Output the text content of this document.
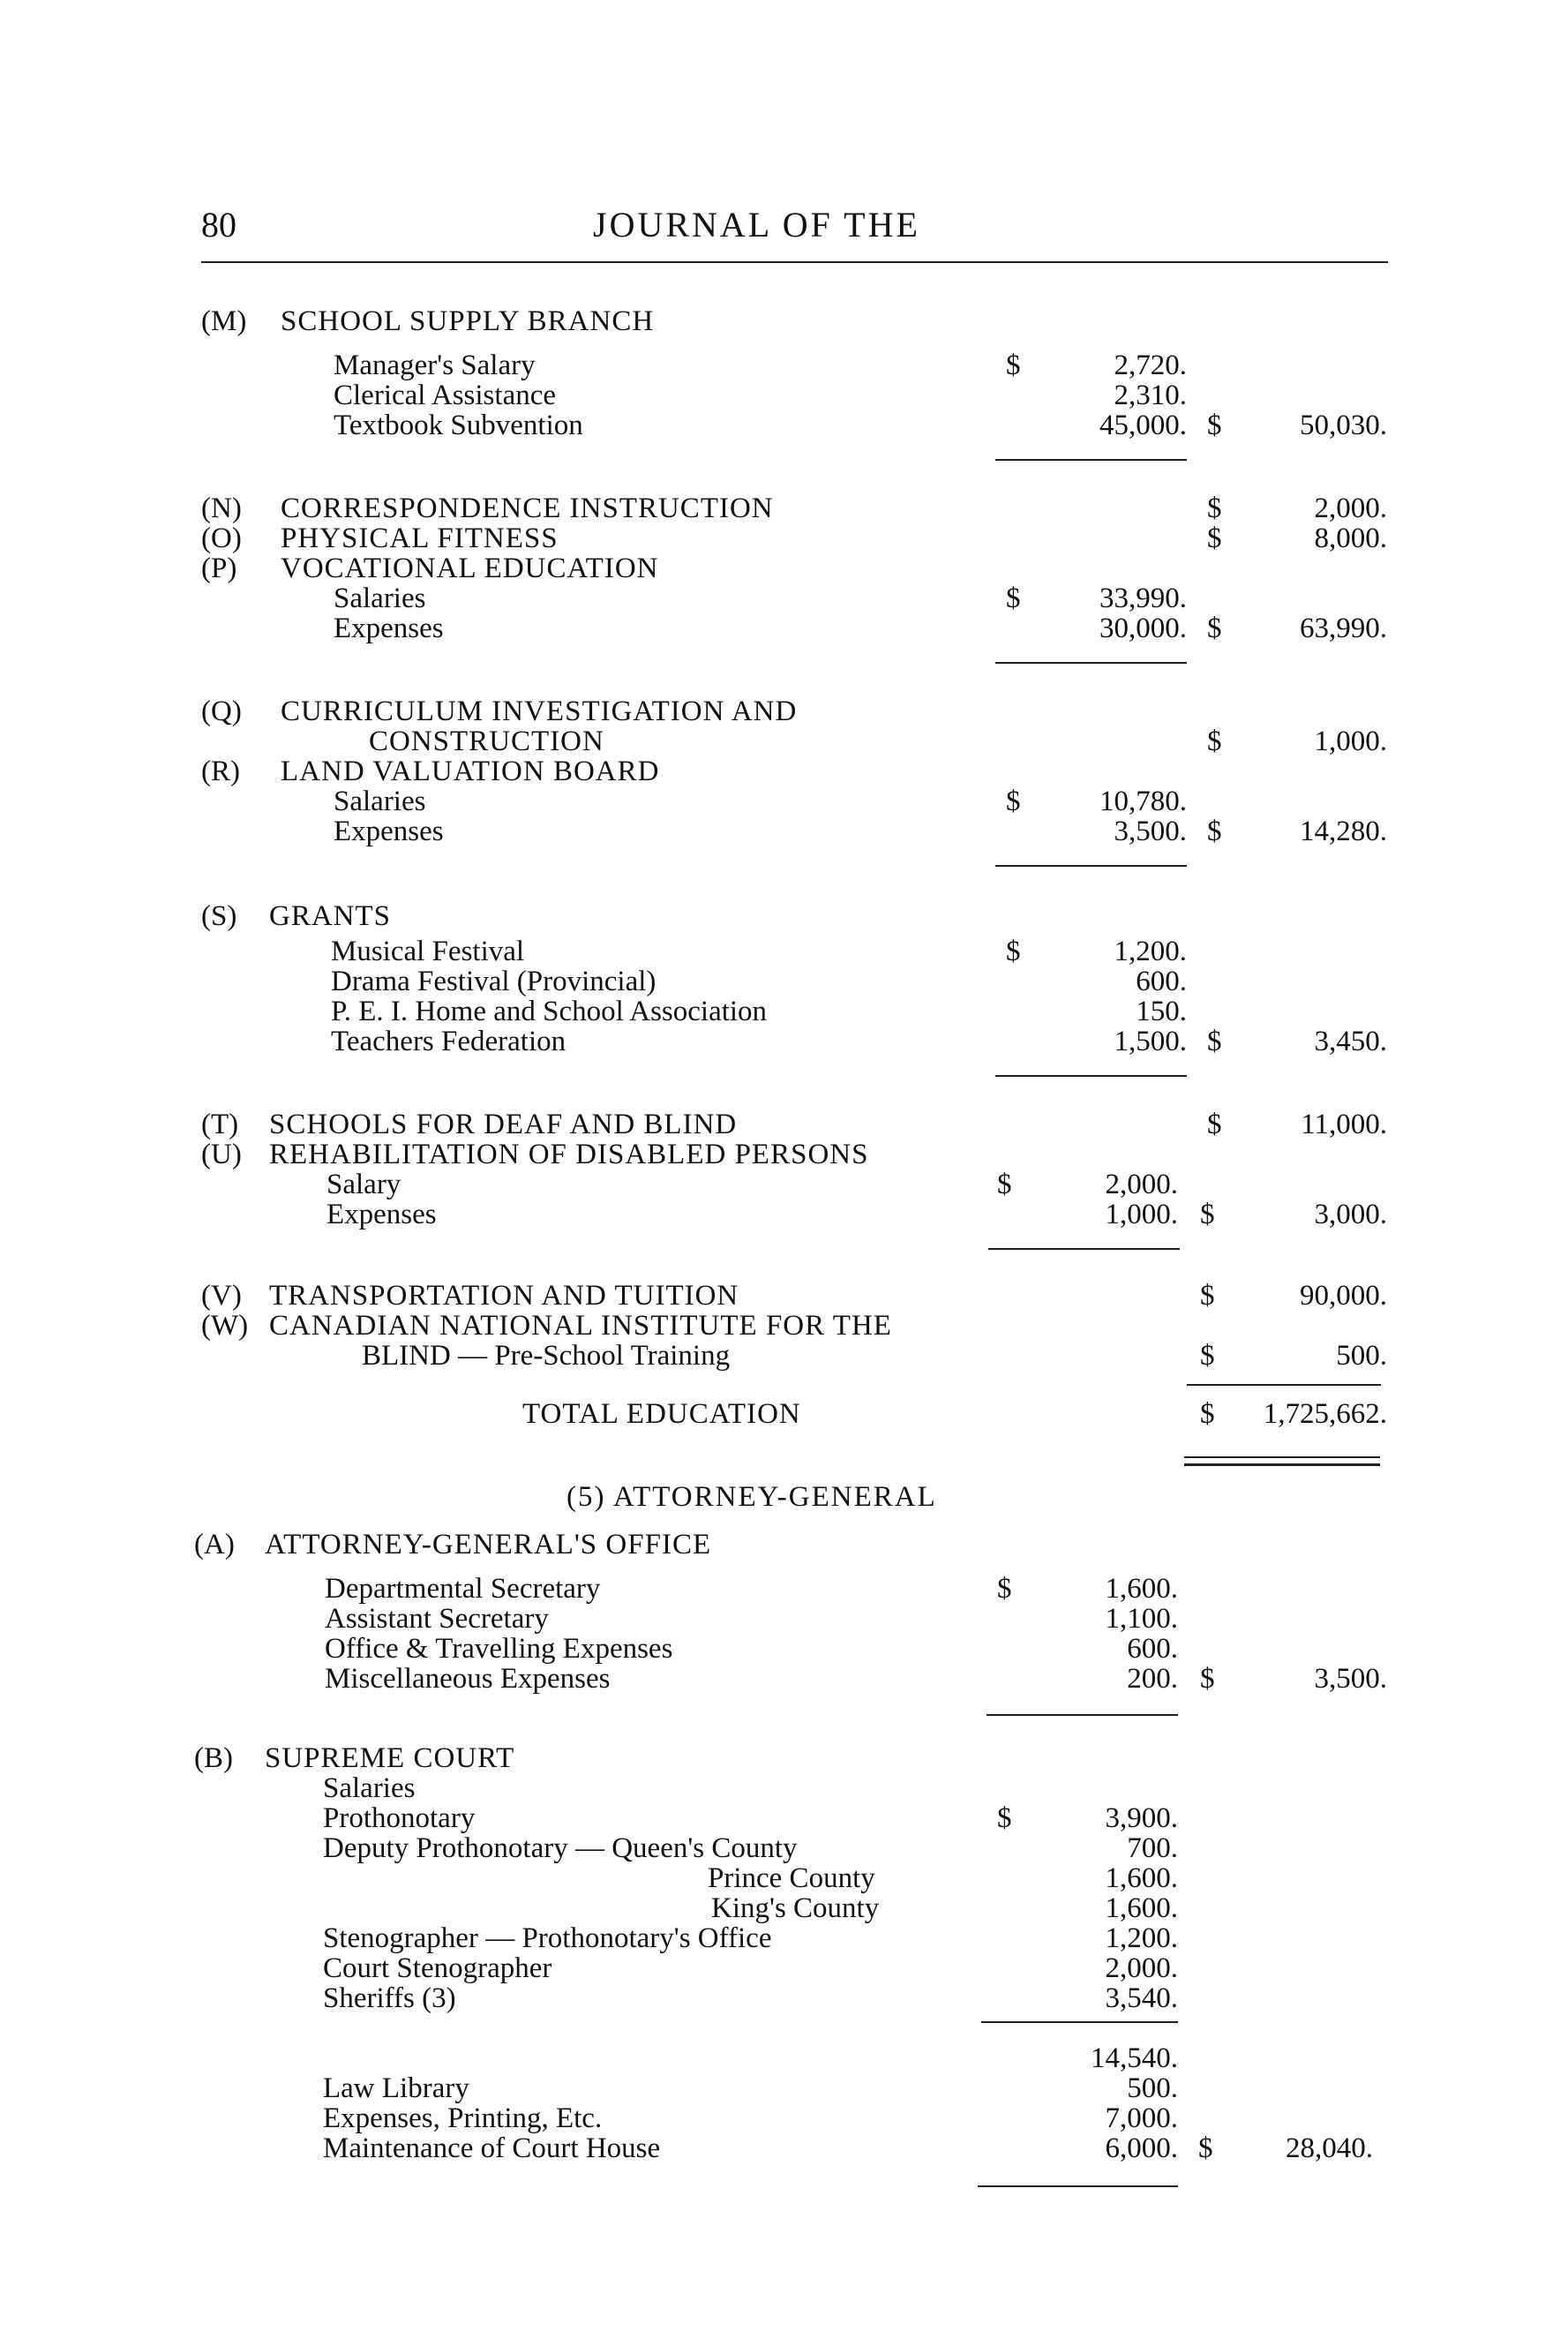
80	JOURNAL OF THE
(M) SCHOOL SUPPLY BRANCH
Manager's Salary	$	2,720.
Clerical Assistance	2,310.
Textbook Subvention	45,000. $	50,030.
(N) CORRESPONDENCE INSTRUCTION	$	2,000.
(O) PHYSICAL FITNESS	$	8,000.
(P) VOCATIONAL EDUCATION
Salaries	$	33,990.
Expenses	30,000. $	63,990.
(Q) CURRICULUM INVESTIGATION AND
CONSTRUCTION	$	1,000.
(R) LAND VALUATION BOARD
Salaries	$	10,780.
Expenses	3,500. $	14,280.
(S) GRANTS
Musical Festival	$	1,200.
Drama Festival (Provincial)	600.
P. E. I. Home and School Association	150.
Teachers Federation	1,500. $	3,450.
(T) SCHOOLS FOR DEAF AND BLIND	$	11,000.
(U) REHABILITATION OF DISABLED PERSONS
Salary	$	2,000.
Expenses	1,000. $	3,000.
(V) TRANSPORTATION AND TUITION	$	90,000.
(W) CANADIAN NATIONAL INSTITUTE FOR THE
BLIND — Pre-School Training	$	500.
TOTAL EDUCATION	$	1,725,662.
(5) ATTORNEY-GENERAL
(A) ATTORNEY-GENERAL'S OFFICE
Departmental Secretary	$	1,600.
Assistant Secretary	1,100.
Office & Travelling Expenses	600.
Miscellaneous Expenses	200. $	3,500.
(B) SUPREME COURT
Salaries
Prothonotary	$	3,900.
Deputy Prothonotary — Queen's County	700.
Prince County	1,600.
King's County	1,600.
Stenographer — Prothonotary's Office	1,200.
Court Stenographer	2,000.
Sheriffs (3)	3,540.
14,540.
Law Library	500.
Expenses, Printing, Etc.	7,000.
Maintenance of Court House	6,000. $	28,040.
